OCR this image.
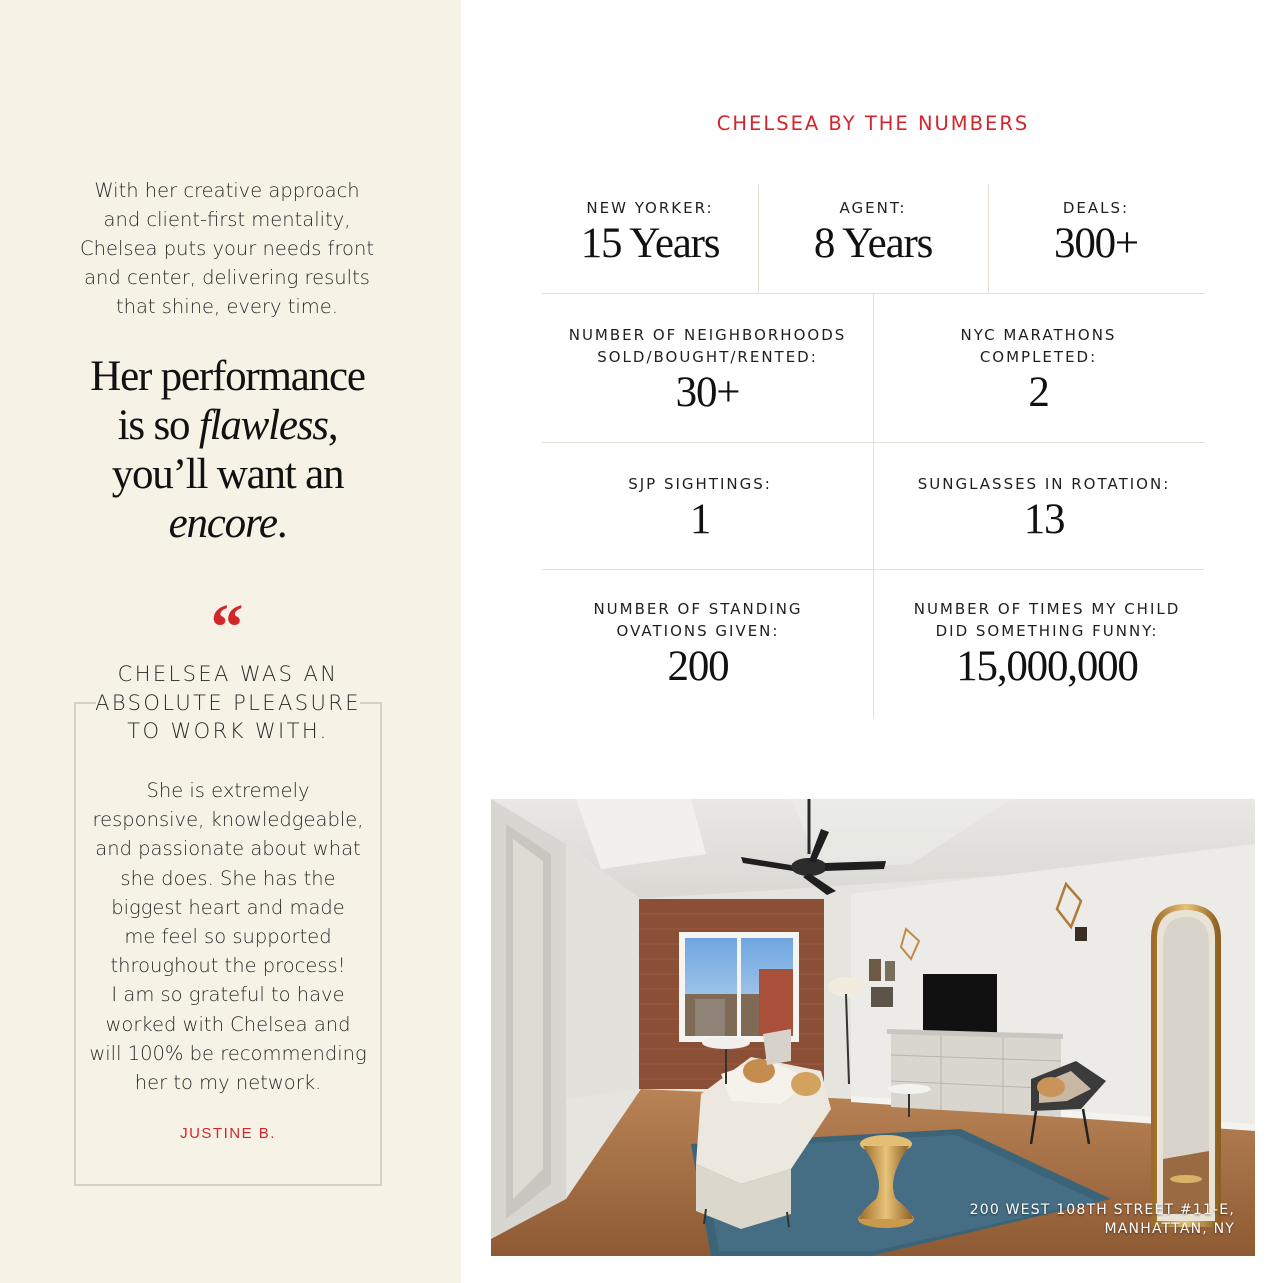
With her creative approach
and client-first mentality,
Chelsea puts your needs front
and center, delivering results
that shine, every time.
Her performance
is so flawless,
you’ll want an
encore.
“
CHELSEA WAS AN
ABSOLUTE PLEASURE
TO WORK WITH.
She is extremely
responsive, knowledgeable,
and passionate about what
she does. She has the
biggest heart and made
me feel so supported
throughout the process!
I am so grateful to have
worked with Chelsea and
will 100% be recommending
her to my network.
JUSTINE B.
CHELSEA BY THE NUMBERS
NEW YORKER:
15 Years
AGENT:
8 Years
DEALS:
300+
NUMBER OF NEIGHBORHOODS
SOLD/BOUGHT/RENTED:
30+
NYC MARATHONS
COMPLETED:
2
SJP SIGHTINGS:
1
SUNGLASSES IN ROTATION:
13
NUMBER OF STANDING
OVATIONS GIVEN:
200
NUMBER OF TIMES MY CHILD
DID SOMETHING FUNNY:
15,000,000
200 WEST 108TH STREET #11-E,
MANHATTAN, NY
